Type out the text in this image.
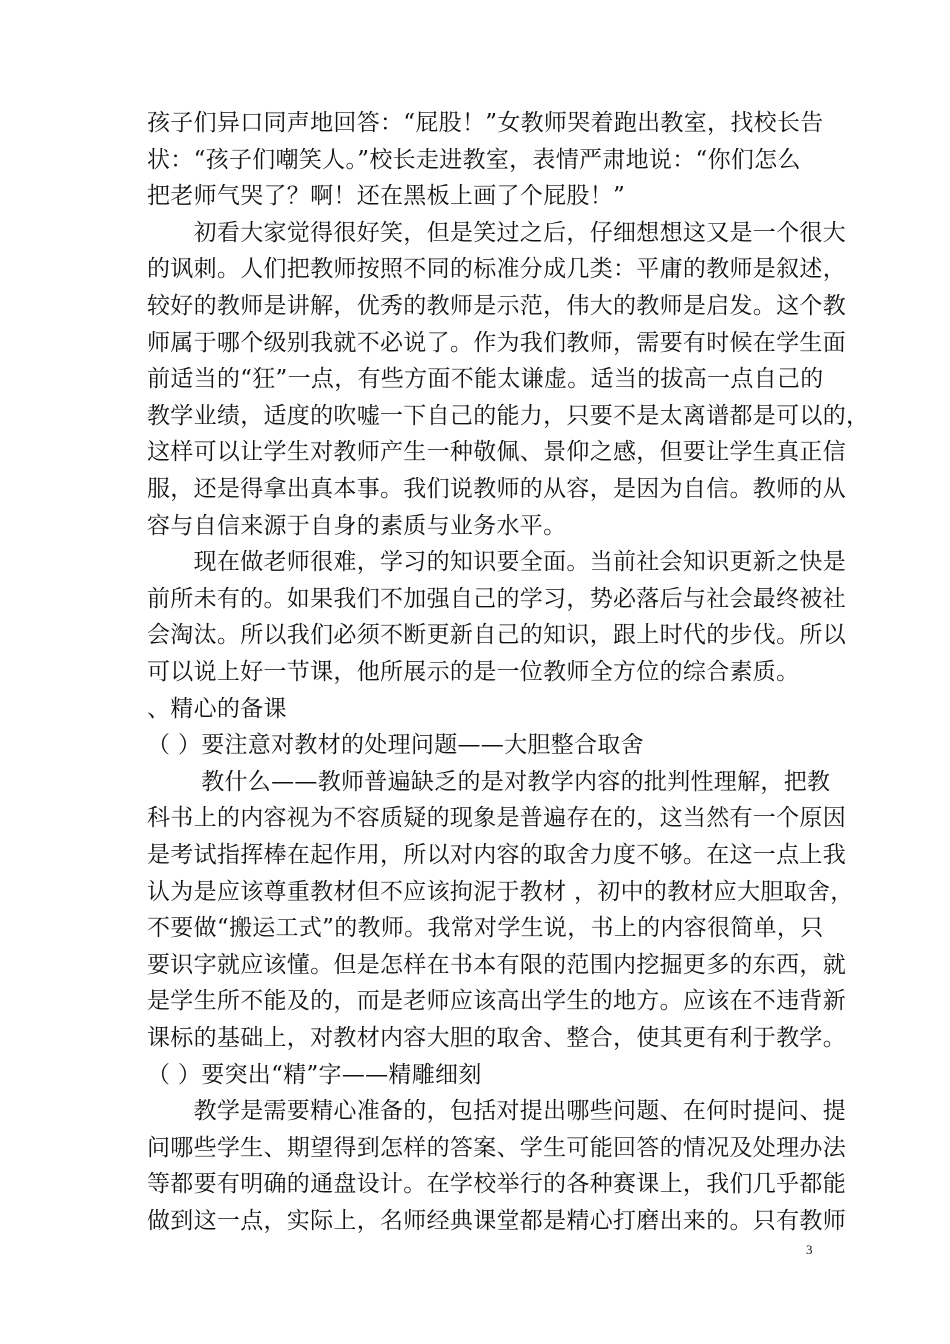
孩子们异口同声地回答：“屁股！”女教师哭着跑出教室，找校长告
状：“孩子们嘲笑人。”校长走进教室，表情严肃地说：“你们怎么
把老师气哭了？啊！还在黑板上画了个屁股！”
　　初看大家觉得很好笑，但是笑过之后，仔细想想这又是一个很大
的讽刺。人们把教师按照不同的标准分成几类：平庸的教师是叙述，
较好的教师是讲解，优秀的教师是示范，伟大的教师是启发。这个教
师属于哪个级别我就不必说了。作为我们教师，需要有时候在学生面
前适当的“狂”一点，有些方面不能太谦虚。适当的拔高一点自己的
教学业绩，适度的吹嘘一下自己的能力，只要不是太离谱都是可以的，
这样可以让学生对教师产生一种敬佩、景仰之感，但要让学生真正信
服，还是得拿出真本事。我们说教师的从容，是因为自信。教师的从
容与自信来源于自身的素质与业务水平。
　　现在做老师很难，学习的知识要全面。当前社会知识更新之快是
前所未有的。如果我们不加强自己的学习，势必落后与社会最终被社
会淘汰。所以我们必须不断更新自己的知识，跟上时代的步伐。所以
可以说上好一节课，他所展示的是一位教师全方位的综合素质。
、精心的备课
（ ）要注意对教材的处理问题——大胆整合取舍
　　 教什么——教师普遍缺乏的是对教学内容的批判性理解，把教
科书上的内容视为不容质疑的现象是普遍存在的，这当然有一个原因
是考试指挥棒在起作用，所以对内容的取舍力度不够。在这一点上我
认为是应该尊重教材但不应该拘泥于教材 ，初中的教材应大胆取舍，
不要做“搬运工式”的教师。我常对学生说，书上的内容很简单，只
要识字就应该懂。但是怎样在书本有限的范围内挖掘更多的东西，就
是学生所不能及的，而是老师应该高出学生的地方。应该在不违背新
课标的基础上，对教材内容大胆的取舍、整合，使其更有利于教学。
（ ）要突出“精”字——精雕细刻
　　教学是需要精心准备的，包括对提出哪些问题、在何时提问、提
问哪些学生、期望得到怎样的答案、学生可能回答的情况及处理办法
等都要有明确的通盘设计。在学校举行的各种赛课上，我们几乎都能
做到这一点，实际上，名师经典课堂都是精心打磨出来的。只有教师
3
